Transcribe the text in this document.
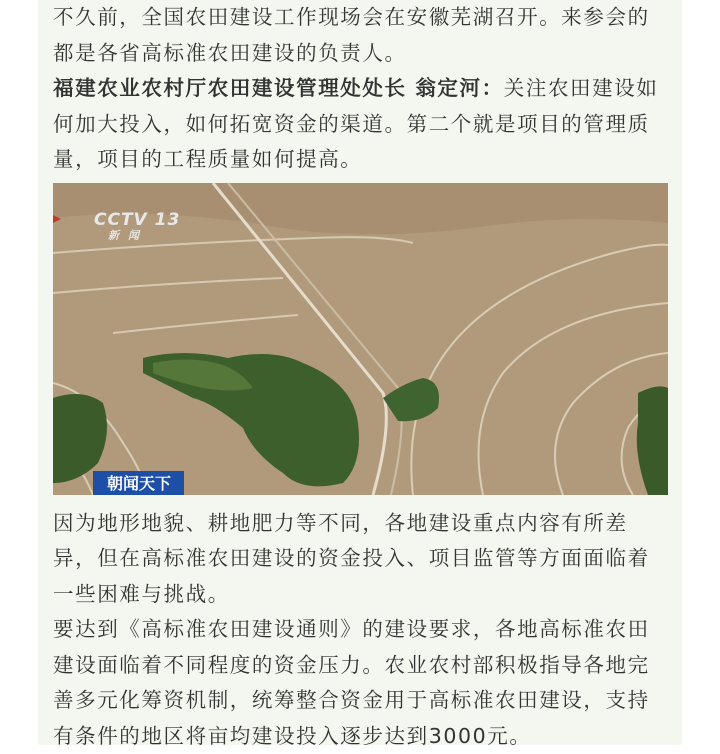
不久前，全国农田建设工作现场会在安徽芜湖召开。来参会的都是各省高标准农田建设的负责人。

福建农业农村厅农田建设管理处处长 翁定河：关注农田建设如何加大投入，如何拓宽资金的渠道。第二个就是项目的管理质量，项目的工程质量如何提高。

CCTV 13
新闻
朝闻天下

因为地形地貌、耕地肥力等不同，各地建设重点内容有所差异，但在高标准农田建设的资金投入、项目监管等方面面临着一些困难与挑战。

要达到《高标准农田建设通则》的建设要求，各地高标准农田建设面临着不同程度的资金压力。农业农村部积极指导各地完善多元化筹资机制，统筹整合资金用于高标准农田建设，支持有条件的地区将亩均建设投入逐步达到3000元。
